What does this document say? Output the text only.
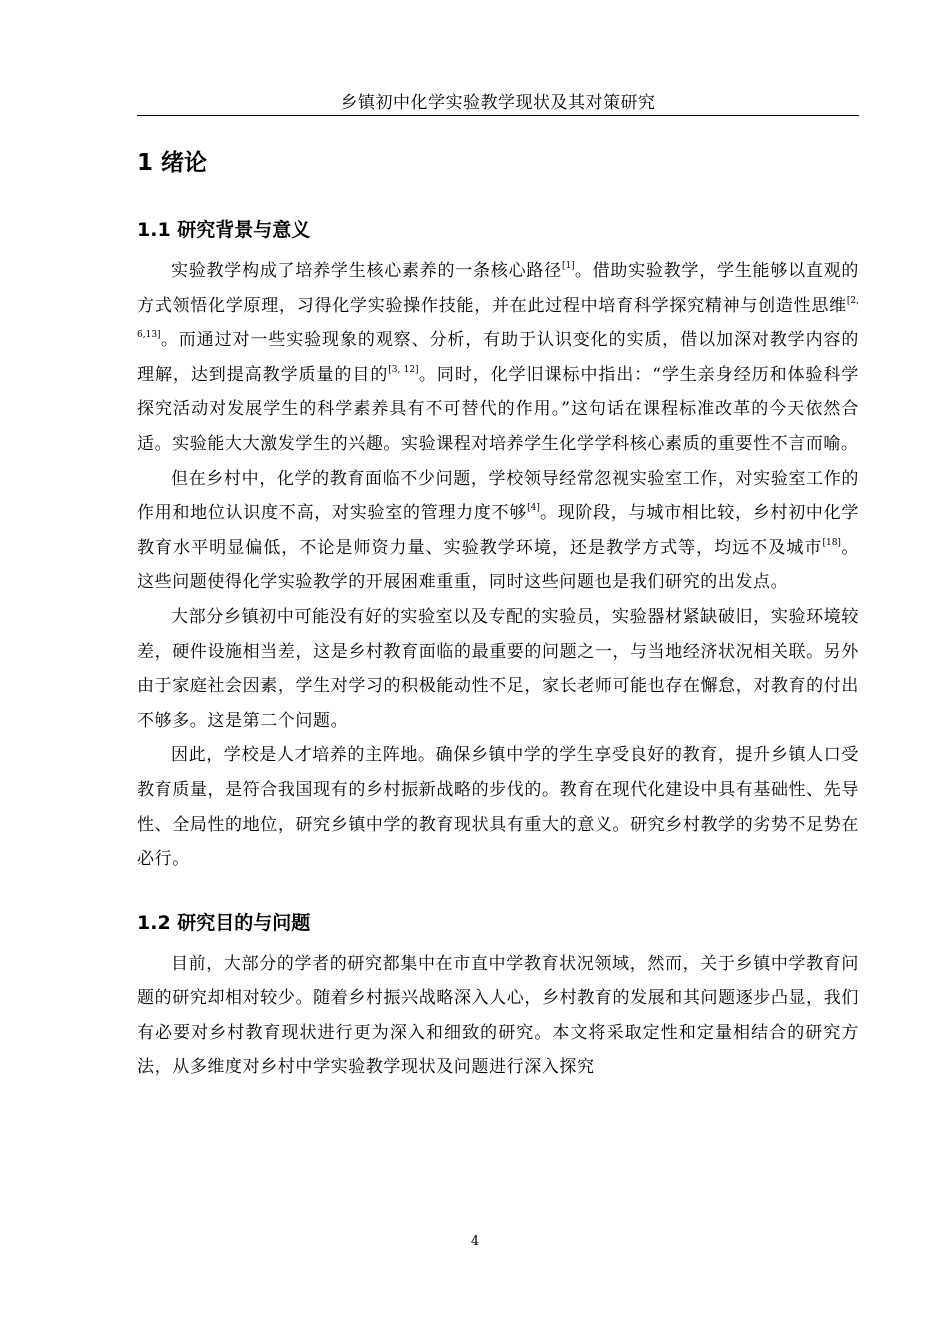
乡镇初中化学实验教学现状及其对策研究
1 绪论
1.1 研究背景与意义

实验教学构成了培养学生核心素养的一条核心路径[1]。借助实验教学，学生能够以直观的方式领悟化学原理，习得化学实验操作技能，并在此过程中培育科学探究精神与创造性思维[2, 6,13]。而通过对一些实验现象的观察、分析，有助于认识变化的实质，借以加深对教学内容的理解，达到提高教学质量的目的[3, 12]。同时，化学旧课标中指出：“学生亲身经历和体验科学探究活动对发展学生的科学素养具有不可替代的作用。”这句话在课程标准改革的今天依然合适。实验能大大激发学生的兴趣。实验课程对培养学生化学学科核心素质的重要性不言而喻。

但在乡村中，化学的教育面临不少问题，学校领导经常忽视实验室工作，对实验室工作的作用和地位认识度不高，对实验室的管理力度不够[4]。现阶段，与城市相比较，乡村初中化学教育水平明显偏低，不论是师资力量、实验教学环境，还是教学方式等，均远不及城市[18]。这些问题使得化学实验教学的开展困难重重，同时这些问题也是我们研究的出发点。

大部分乡镇初中可能没有好的实验室以及专配的实验员，实验器材紧缺破旧，实验环境较差，硬件设施相当差，这是乡村教育面临的最重要的问题之一，与当地经济状况相关联。另外由于家庭社会因素，学生对学习的积极能动性不足，家长老师可能也存在懈怠，对教育的付出不够多。这是第二个问题。

因此，学校是人才培养的主阵地。确保乡镇中学的学生享受良好的教育，提升乡镇人口受教育质量，是符合我国现有的乡村振新战略的步伐的。教育在现代化建设中具有基础性、先导性、全局性的地位，研究乡镇中学的教育现状具有重大的意义。研究乡村教学的劣势不足势在必行。

1.2 研究目的与问题

目前，大部分的学者的研究都集中在市直中学教育状况领域，然而，关于乡镇中学教育问题的研究却相对较少。随着乡村振兴战略深入人心，乡村教育的发展和其问题逐步凸显，我们有必要对乡村教育现状进行更为深入和细致的研究。本文将采取定性和定量相结合的研究方法，从多维度对乡村中学实验教学现状及问题进行深入探究

4
